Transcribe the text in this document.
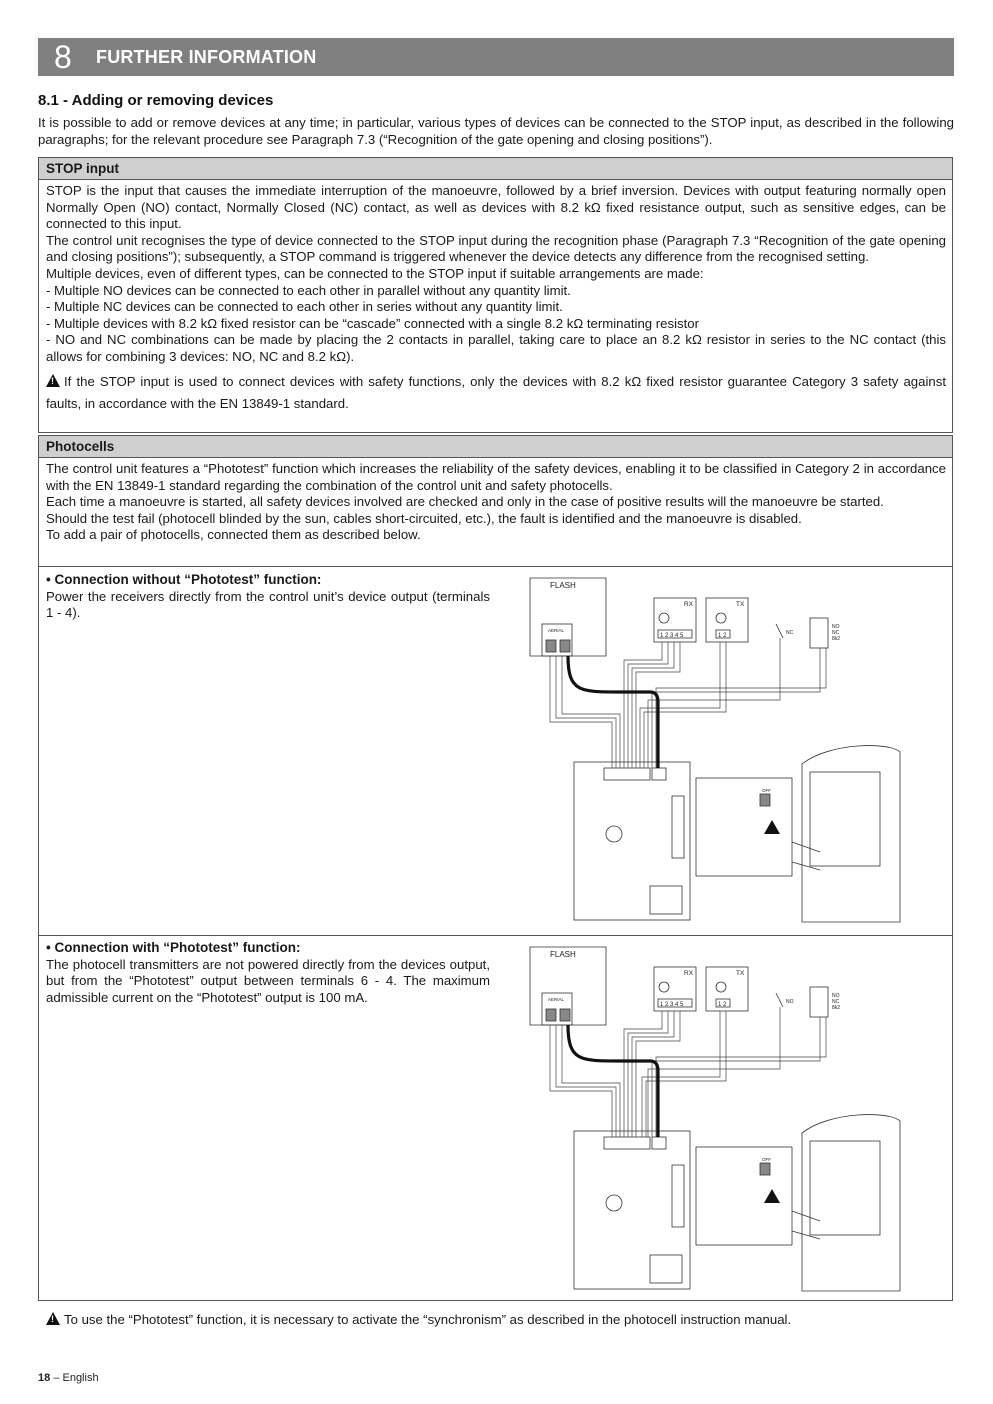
8 FURTHER INFORMATION
8.1 - Adding or removing devices
It is possible to add or remove devices at any time; in particular, various types of devices can be connected to the STOP input, as described in the following paragraphs; for the relevant procedure see Paragraph 7.3 (“Recognition of the gate opening and closing positions”).
STOP input

STOP is the input that causes the immediate interruption of the manoeuvre, followed by a brief inversion. Devices with output featuring normally open Normally Open (NO) contact, Normally Closed (NC) contact, as well as devices with 8.2 kΩ fixed resistance output, such as sensitive edges, can be connected to this input.

The control unit recognises the type of device connected to the STOP input during the recognition phase (Paragraph 7.3 “Recognition of the gate opening and closing positions”); subsequently, a STOP command is triggered whenever the device detects any difference from the recognised setting.

Multiple devices, even of different types, can be connected to the STOP input if suitable arrangements are made:

- Multiple NO devices can be connected to each other in parallel without any quantity limit.

- Multiple NC devices can be connected to each other in series without any quantity limit.

- Multiple devices with 8.2 kΩ fixed resistor can be “cascade” connected with a single 8.2 kΩ terminating resistor

- NO and NC combinations can be made by placing the 2 contacts in parallel, taking care to place an 8.2 kΩ resistor in series to the NC contact (this allows for combining 3 devices: NO, NC and 8.2 kΩ).

!If the STOP input is used to connect devices with safety functions, only the devices with 8.2 kΩ fixed resistor guarantee Category 3 safety against faults, in accordance with the EN 13849-1 standard.

Photocells

The control unit features a “Phototest” function which increases the reliability of the safety devices, enabling it to be classified in Category 2 in accordance with the EN 13849-1 standard regarding the combination of the control unit and safety photocells.

Each time a manoeuvre is started, all safety devices involved are checked and only in the case of positive results will the manoeuvre be started.

Should the test fail (photocell blinded by the sun, cables short-circuited, etc.), the fault is identified and the manoeuvre is disabled.

To add a pair of photocells, connected them as described below.

• Connection without “Phototest” function:
Power the receivers directly from the control unit’s device output (terminals 1 - 4).
• Connection with “Phototest” function:
The photocell transmitters are not powered directly from the devices output, but from the “Phototest” output between terminals 6 - 4. The maximum admissible current on the “Phototest” output is 100 mA.
FLASH
AERIAL
RX	TX
1 2 3 4 5	1 2	NC
NO
NC
8k2
OFF
FLASH
AERIAL
RX	TX
1 2 3 4 5	1 2	NO
NO
NC
8k2
OFF
!To use the “Phototest” function, it is necessary to activate the “synchronism” as described in the photocell instruction manual.
18 – English
